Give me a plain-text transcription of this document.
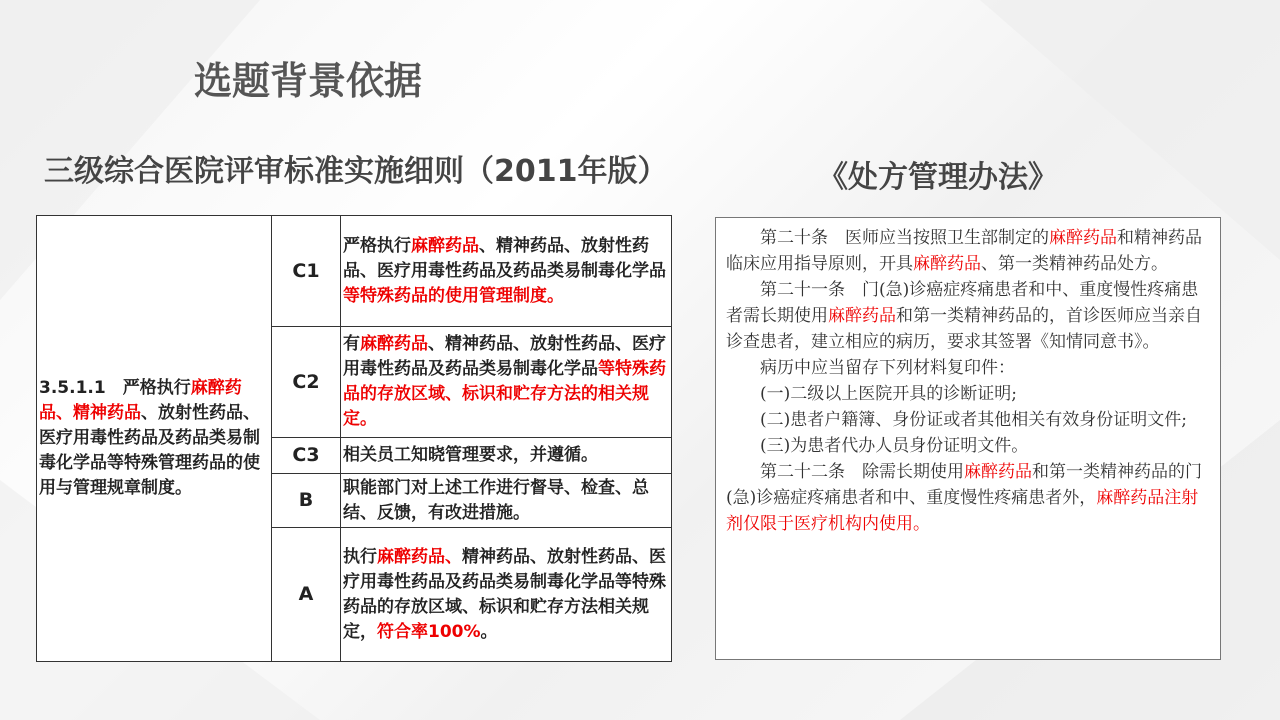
选题背景依据
三级综合医院评审标准实施细则（2011年版）	《处方管理办法》
3.5.1.1　严格执行麻醉药品、精神药品、放射性药品、医疗用毒性药品及药品类易制毒化学品等特殊管理药品的使用与管理规章制度。	C1	严格执行麻醉药品、精神药品、放射性药品、医疗用毒性药品及药品类易制毒化学品等特殊药品的使用管理制度。
	C2	有麻醉药品、精神药品、放射性药品、医疗用毒性药品及药品类易制毒化学品等特殊药品的存放区域、标识和贮存方法的相关规定。
	C3	相关员工知晓管理要求，并遵循。
	B	职能部门对上述工作进行督导、检查、总结、反馈，有改进措施。
	A	执行麻醉药品、精神药品、放射性药品、医疗用毒性药品及药品类易制毒化学品等特殊药品的存放区域、标识和贮存方法相关规定，符合率100%。

第二十条　医师应当按照卫生部制定的麻醉药品和精神药品临床应用指导原则，开具麻醉药品、第一类精神药品处方。

第二十一条　门(急)诊癌症疼痛患者和中、重度慢性疼痛患者需长期使用麻醉药品和第一类精神药品的，首诊医师应当亲自诊查患者，建立相应的病历，要求其签署《知情同意书》。

病历中应当留存下列材料复印件：

(一)二级以上医院开具的诊断证明;

(二)患者户籍簿、身份证或者其他相关有效身份证明文件;

(三)为患者代办人员身份证明文件。

第二十二条　除需长期使用麻醉药品和第一类精神药品的门(急)诊癌症疼痛患者和中、重度慢性疼痛患者外，麻醉药品注射剂仅限于医疗机构内使用。
